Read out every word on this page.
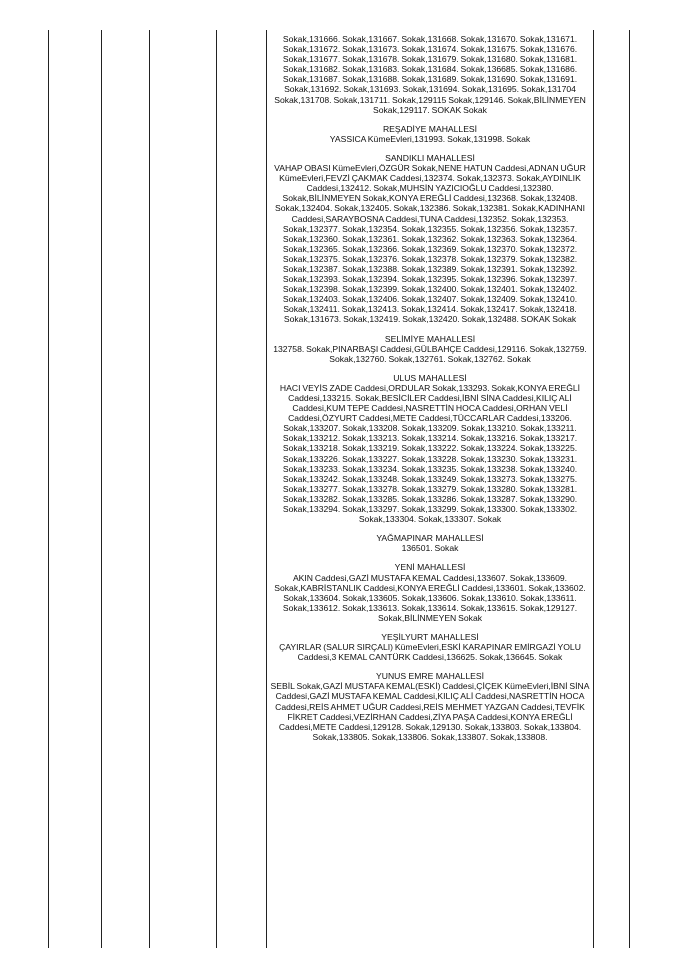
Sokak,131666. Sokak,131667. Sokak,131668. Sokak,131670. Sokak,131671. Sokak,131672. Sokak,131673. Sokak,131674. Sokak,131675. Sokak,131676. Sokak,131677. Sokak,131678. Sokak,131679. Sokak,131680. Sokak,131681. Sokak,131682. Sokak,131683. Sokak,131684. Sokak,136685. Sokak,131686. Sokak,131687. Sokak,131688. Sokak,131689. Sokak,131690. Sokak,131691. Sokak,131692. Sokak,131693. Sokak,131694. Sokak,131695. Sokak,131704 Sokak,131708. Sokak,131711. Sokak,129115 Sokak,129146. Sokak,BİLİNMEYEN Sokak,129117. SOKAK Sokak
REŞADİYE MAHALLESİ
YASSICA KümeEvleri,131993. Sokak,131998. Sokak
SANDIKLI MAHALLESİ
VAHAP OBASI KümeEvleri,ÖZGÜR Sokak,NENE HATUN Caddesi,ADNAN UĞUR KümeEvleri,FEVZİ ÇAKMAK Caddesi,132374. Sokak,132373. Sokak,AYDINLIK Caddesi,132412. Sokak,MUHSİN YAZICIOĞLU Caddesi,132380. Sokak,BİLİNMEYEN Sokak,KONYA EREĞLİ Caddesi,132368. Sokak,132408. Sokak,132404. Sokak,132405. Sokak,132386. Sokak,132381. Sokak,KADINHANI Caddesi,SARAYBOSNA Caddesi,TUNA Caddesi,132352. Sokak,132353. Sokak,132377. Sokak,132354. Sokak,132355. Sokak,132356. Sokak,132357. Sokak,132360. Sokak,132361. Sokak,132362. Sokak,132363. Sokak,132364. Sokak,132365. Sokak,132366. Sokak,132369. Sokak,132370. Sokak,132372. Sokak,132375. Sokak,132376. Sokak,132378. Sokak,132379. Sokak,132382. Sokak,132387. Sokak,132388. Sokak,132389. Sokak,132391. Sokak,132392. Sokak,132393. Sokak,132394. Sokak,132395. Sokak,132396. Sokak,132397. Sokak,132398. Sokak,132399. Sokak,132400. Sokak,132401. Sokak,132402. Sokak,132403. Sokak,132406. Sokak,132407. Sokak,132409. Sokak,132410. Sokak,132411. Sokak,132413. Sokak,132414. Sokak,132417. Sokak,132418. Sokak,131673. Sokak,132419. Sokak,132420. Sokak,132488. SOKAK Sokak
SELİMİYE MAHALLESİ
132758. Sokak,PINARBAŞI Caddesi,GÜLBAHÇE Caddesi,129116. Sokak,132759. Sokak,132760. Sokak,132761. Sokak,132762. Sokak
ULUS MAHALLESİ
HACI VEYİS ZADE Caddesi,ORDULAR Sokak,133293. Sokak,KONYA EREĞLİ Caddesi,133215. Sokak,BESİCİLER Caddesi,İBNİ SİNA Caddesi,KILIÇ ALİ Caddesi,KUM TEPE Caddesi,NASRETTİN HOCA Caddesi,ORHAN VELİ Caddesi,ÖZYURT Caddesi,METE Caddesi,TÜCCARLAR Caddesi,133206. Sokak,133207. Sokak,133208. Sokak,133209. Sokak,133210. Sokak,133211. Sokak,133212. Sokak,133213. Sokak,133214. Sokak,133216. Sokak,133217. Sokak,133218. Sokak,133219. Sokak,133222. Sokak,133224. Sokak,133225. Sokak,133226. Sokak,133227. Sokak,133228. Sokak,133230. Sokak,133231. Sokak,133233. Sokak,133234. Sokak,133235. Sokak,133238. Sokak,133240. Sokak,133242. Sokak,133248. Sokak,133249. Sokak,133273. Sokak,133275. Sokak,133277. Sokak,133278. Sokak,133279. Sokak,133280. Sokak,133281. Sokak,133282. Sokak,133285. Sokak,133286. Sokak,133287. Sokak,133290. Sokak,133294. Sokak,133297. Sokak,133299. Sokak,133300. Sokak,133302. Sokak,133304. Sokak,133307. Sokak
YAĞMAPINAR MAHALLESİ
136501. Sokak
YENİ MAHALLESİ
AKIN Caddesi,GAZİ MUSTAFA KEMAL Caddesi,133607. Sokak,133609. Sokak,KABRİSTANLIK Caddesi,KONYA EREĞLİ Caddesi,133601. Sokak,133602. Sokak,133604. Sokak,133605. Sokak,133606. Sokak,133610. Sokak,133611. Sokak,133612. Sokak,133613. Sokak,133614. Sokak,133615. Sokak,129127. Sokak,BİLİNMEYEN Sokak
YEŞİLYURT MAHALLESİ
ÇAYIRLAR (SALUR SIRÇALI) KümeEvleri,ESKİ KARAPINAR EMİRGAZİ YOLU Caddesi,3 KEMAL CANTÜRK Caddesi,136625. Sokak,136645. Sokak
YUNUS EMRE MAHALLESİ
SEBİL Sokak,GAZİ MUSTAFA KEMAL(ESKİ) Caddesi,ÇİÇEK KümeEvleri,İBNİ SİNA Caddesi,GAZİ MUSTAFA KEMAL Caddesi,KILIÇ ALİ Caddesi,NASRETTİN HOCA Caddesi,REİS AHMET UĞUR Caddesi,REİS MEHMET YAZGAN Caddesi,TEVFİK FİKRET Caddesi,VEZİRHAN Caddesi,ZİYA PAŞA Caddesi,KONYA EREĞLİ Caddesi,METE Caddesi,129128. Sokak,129130. Sokak,133803. Sokak,133804. Sokak,133805. Sokak,133806. Sokak,133807. Sokak,133808.
